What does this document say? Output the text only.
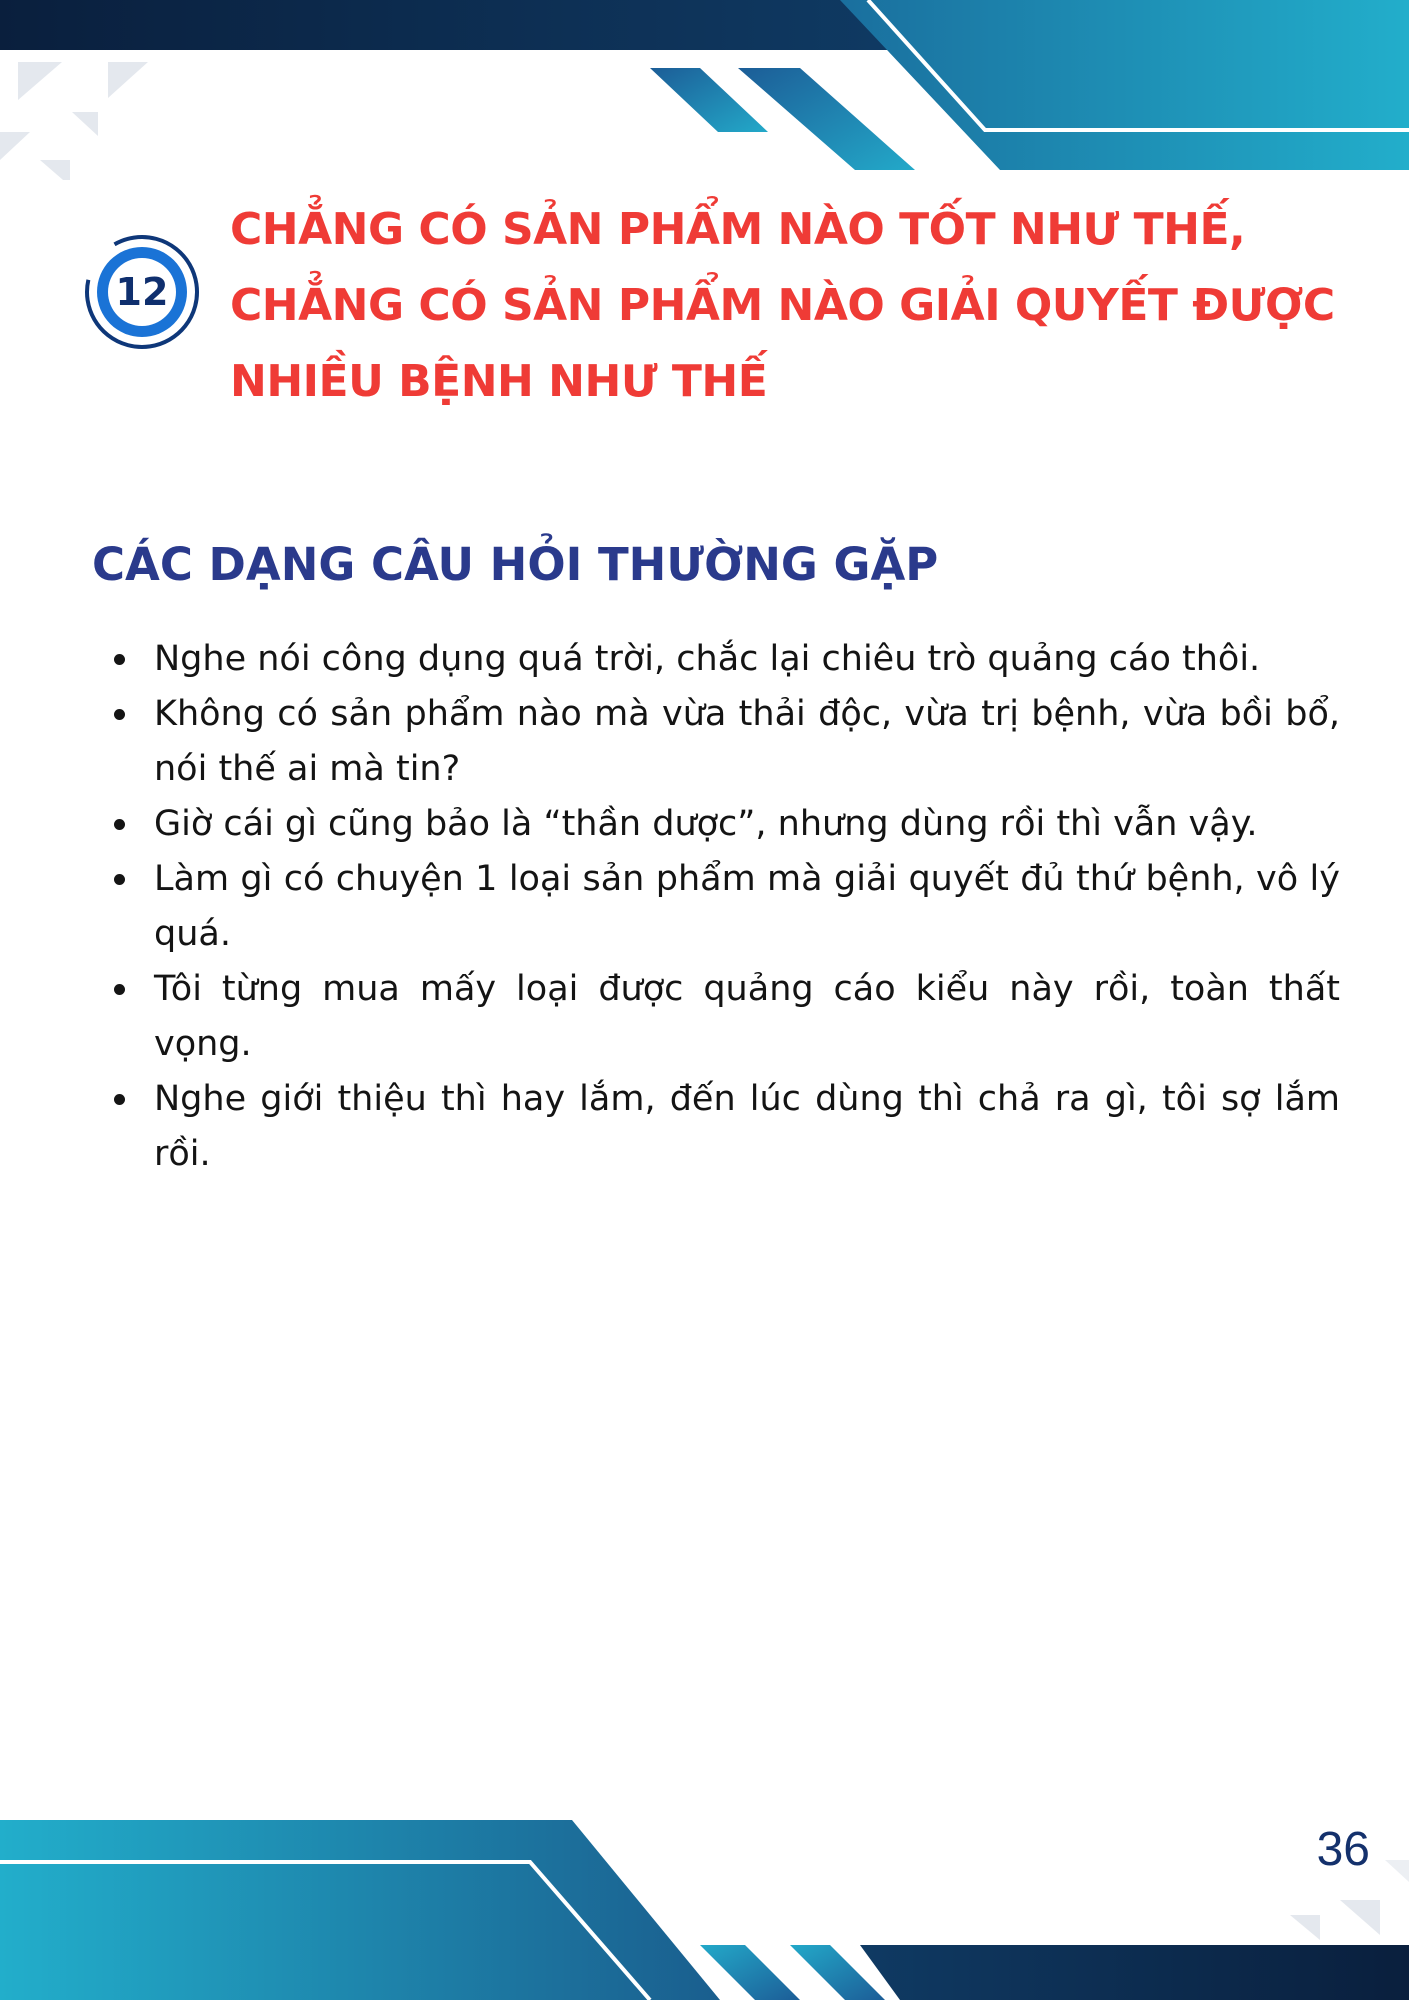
12
CHẲNG CÓ SẢN PHẨM NÀO TỐT NHƯ THẾ,
CHẲNG CÓ SẢN PHẨM NÀO GIẢI QUYẾT ĐƯỢC
NHIỀU BỆNH NHƯ THẾ
CÁC DẠNG CÂU HỎI THƯỜNG GẶP
Nghe nói công dụng quá trời, chắc lại chiêu trò quảng cáo thôi.
Không có sản phẩm nào mà vừa thải độc, vừa trị bệnh, vừa bồi bổ, nói thế ai mà tin?
Giờ cái gì cũng bảo là “thần dược”, nhưng dùng rồi thì vẫn vậy.
Làm gì có chuyện 1 loại sản phẩm mà giải quyết đủ thứ bệnh, vô lý quá.
Tôi từng mua mấy loại được quảng cáo kiểu này rồi, toàn thất vọng.
Nghe giới thiệu thì hay lắm, đến lúc dùng thì chả ra gì, tôi sợ lắm rồi.
36
